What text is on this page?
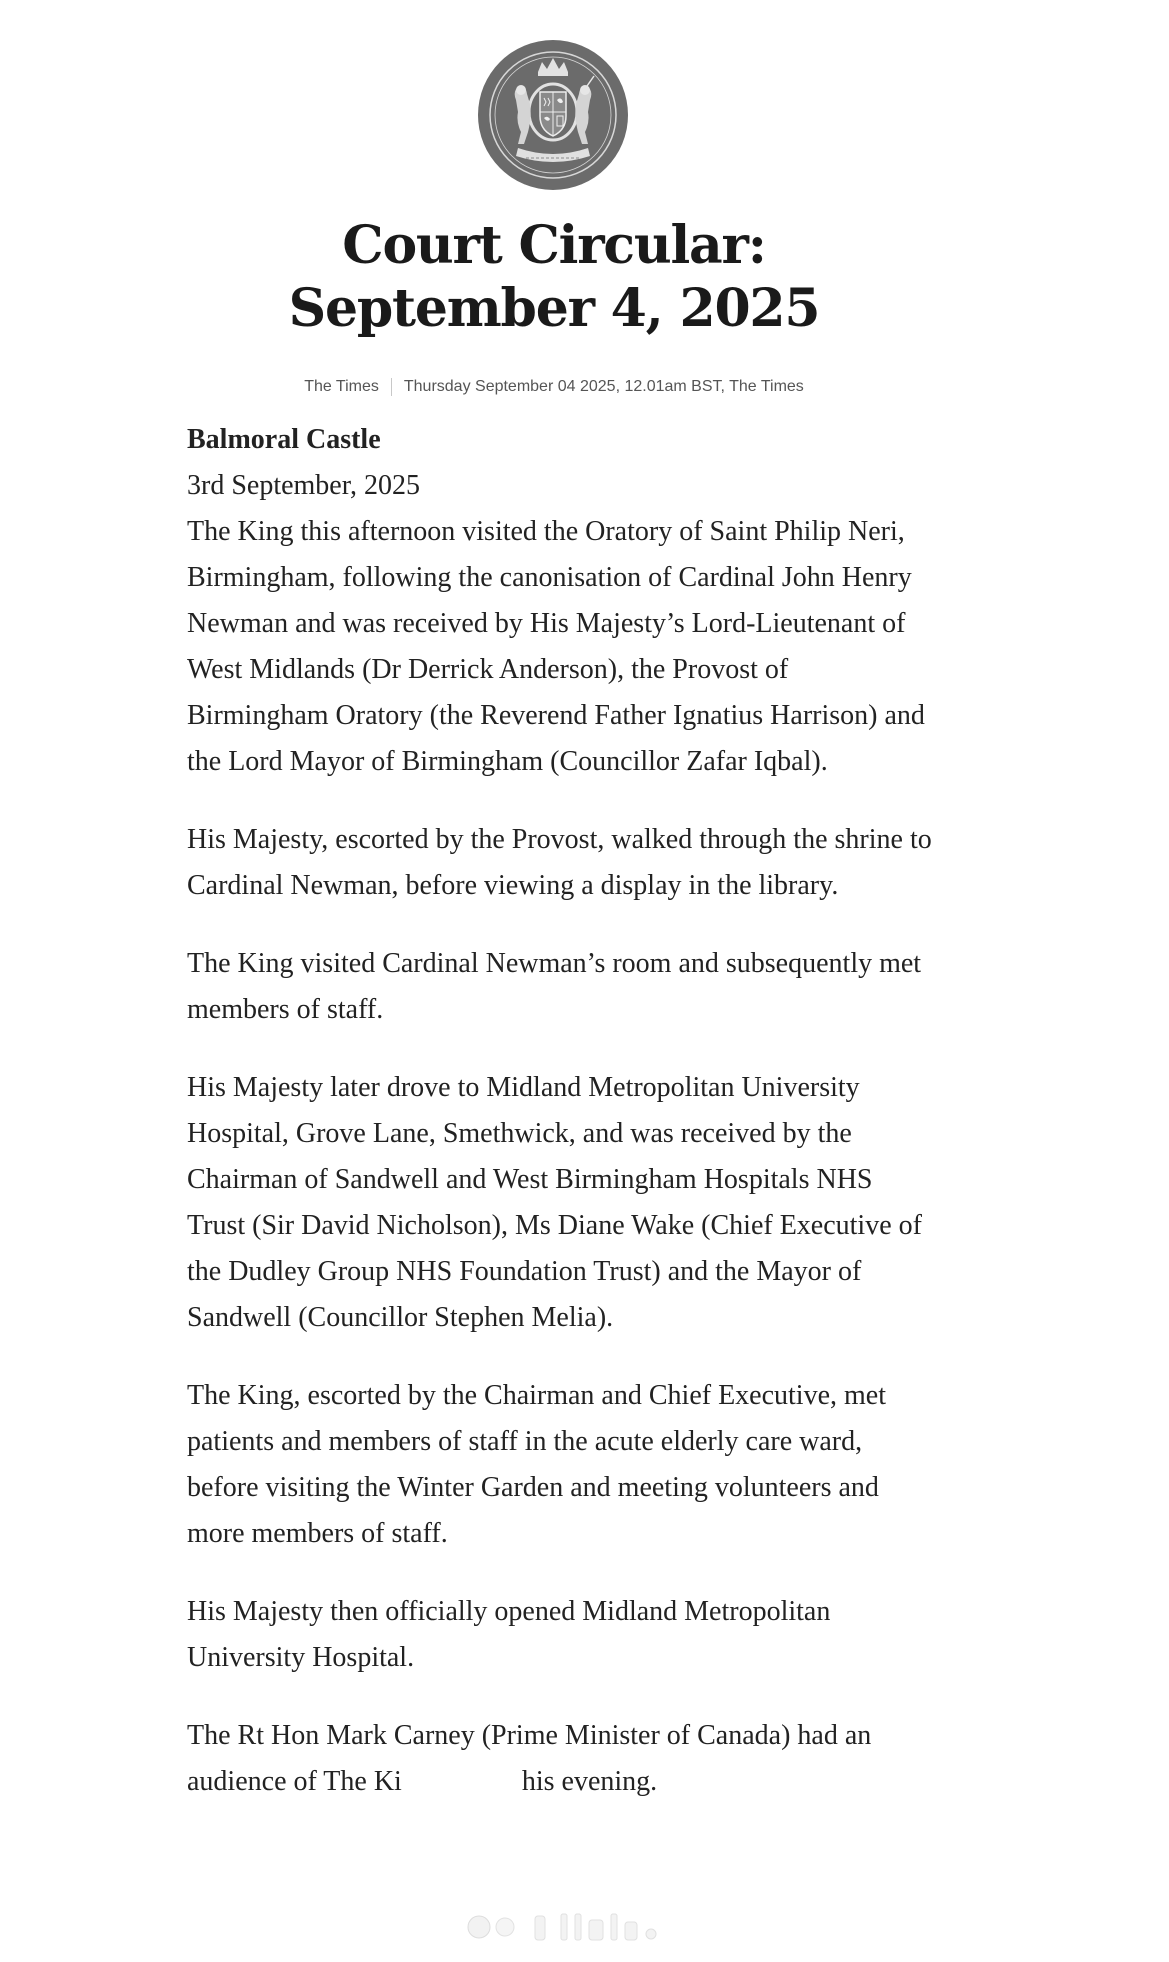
Court Circular: September 4, 2025
The Times Thursday September 04 2025, 12.01am BST, The Times
Balmoral Castle
3rd September, 2025

The King this afternoon visited the Oratory of Saint Philip Neri, Birmingham, following the canonisation of Cardinal John Henry Newman and was received by His Majesty’s Lord-Lieutenant of West Midlands (Dr Derrick Anderson), the Provost of Birmingham Oratory (the Reverend Father Ignatius Harrison) and the Lord Mayor of Birmingham (Councillor Zafar Iqbal).

His Majesty, escorted by the Provost, walked through the shrine to Cardinal Newman, before viewing a display in the library.

The King visited Cardinal Newman’s room and subsequently met members of staff.

His Majesty later drove to Midland Metropolitan University Hospital, Grove Lane, Smethwick, and was received by the Chairman of Sandwell and West Birmingham Hospitals NHS Trust (Sir David Nicholson), Ms Diane Wake (Chief Executive of the Dudley Group NHS Foundation Trust) and the Mayor of Sandwell (Councillor Stephen Melia).

The King, escorted by the Chairman and Chief Executive, met patients and members of staff in the acute elderly care ward, before visiting the Winter Garden and meeting volunteers and more members of staff.

His Majesty then officially opened Midland Metropolitan University Hospital.

The Rt Hon Mark Carney (Prime Minister of Canada) had an audience of The Ki	his evening.
